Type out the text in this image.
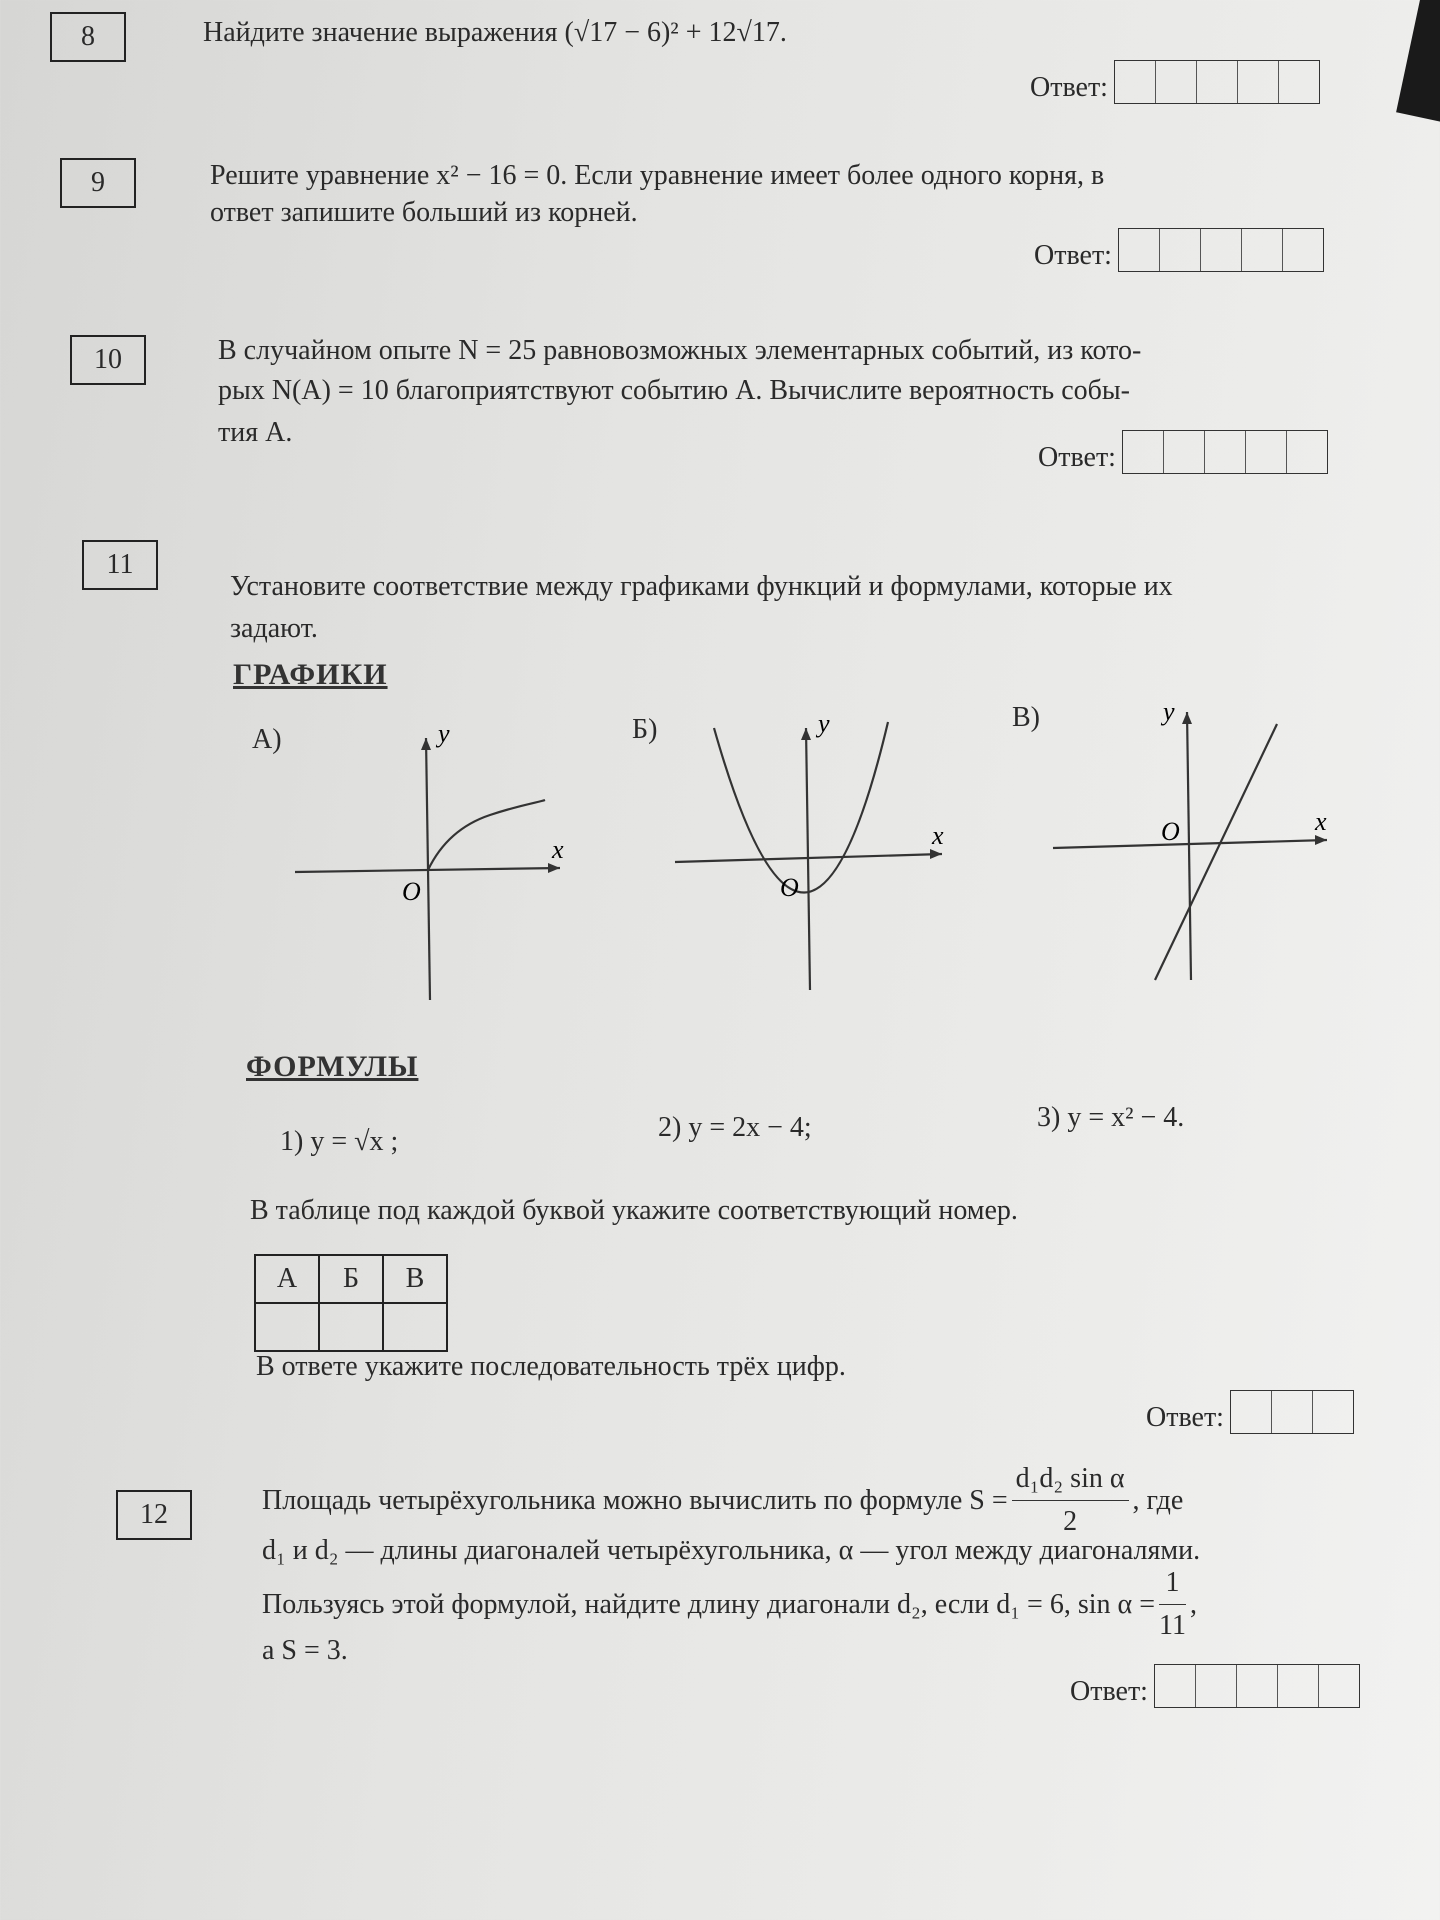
8	Найдите значение выражения (√17 − 6)² + 12√17.
Ответ:
9	Решите уравнение x² − 16 = 0. Если уравнение имеет более одного корня, в
ответ запишите больший из корней.
Ответ:
10	В случайном опыте N = 25 равновозможных элементарных событий, из кото-
рых N(A) = 10 благоприятствуют событию A. Вычислите вероятность собы-
тия A.
Ответ:
11
Установите соответствие между графиками функций и формулами, которые их
задают.
ГРАФИКИ
А)	Б)	В)
y
x
O
y
x
O
y
x
O
ФОРМУЛЫ
1) y = √x ;	2) y = 2x − 4;	3) y = x² − 4.
В таблице под каждой буквой укажите соответствующий номер.
А	Б	В

В ответе укажите последовательность трёх цифр.
Ответ:
12	Площадь четырёхугольника можно вычислить по формуле $S = \frac{\text{d₁d₂ sin α}}{2}$ , где
d₁ и d₂ — длины диагоналей четырёхугольника, α — угол между диагоналями.
Пользуясь этой формулой, найдите длину диагонали d₂, если d₁ = 6, $\sin \alpha = \frac{1}{11}$ ,
а S = 3.
Ответ:
